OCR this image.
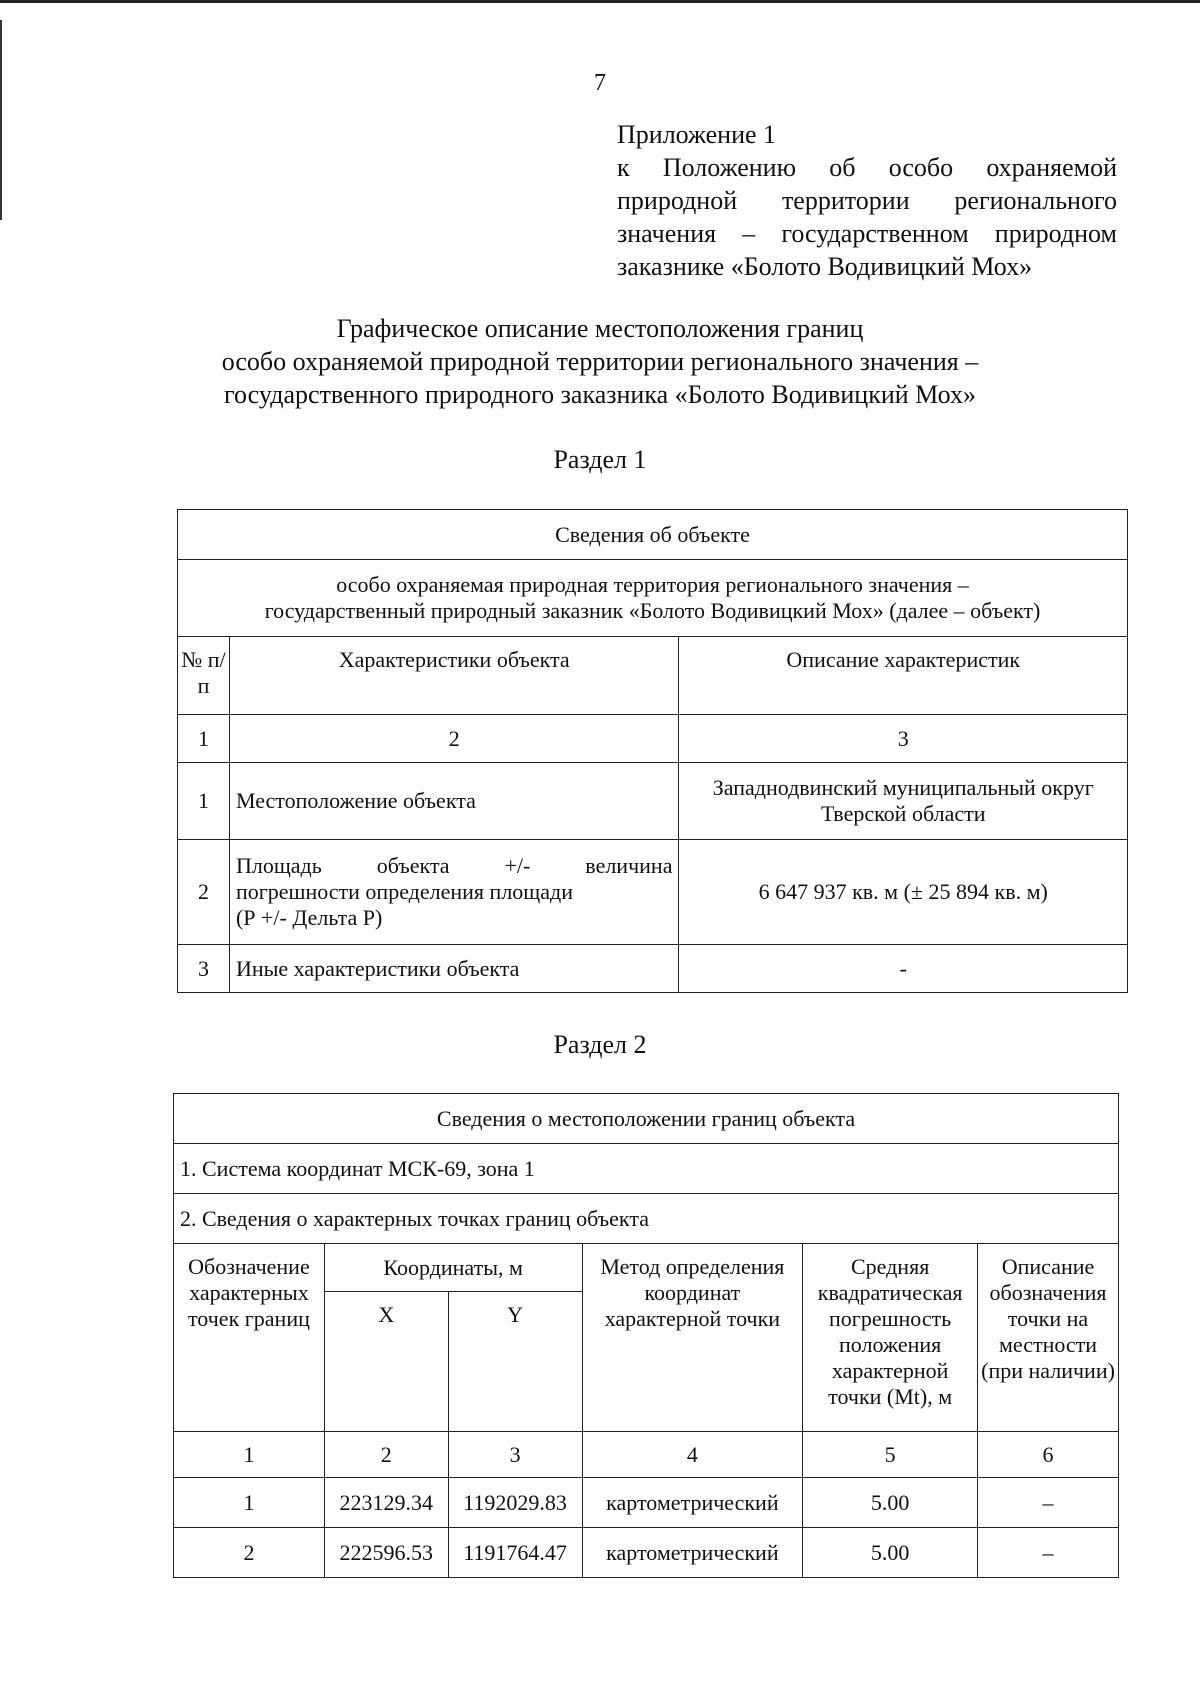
7
Приложение 1
к Положению об особо охраняемой
природной территории регионального
значения – государственном природном
заказнике «Болото Водивицкий Мох»
Графическое описание местоположения границ
особо охраняемой природной территории регионального значения –
государственного природного заказника «Болото Водивицкий Мох»
Раздел 1
Сведения об объекте		

особо охраняемая природная территория регионального значения –
государственный природный заказник «Болото Водивицкий Мох» (далее – объект)		

№ п/п	Характеристики объекта	Описание характеристик
1	2	3
1	Местоположение объекта	Западнодвинский муниципальный округ Тверской области
2	Площадь объекта +/- величина
погрешности определения площади
(Р +/- Дельта Р)	6 647 937 кв. м (± 25 894 кв. м)
3	Иные характеристики объекта	-
Раздел 2
Сведения о местоположении границ объекта					
1. Система координат МСК-69, зона 1					
2. Сведения о характерных точках границ объекта					
Обозначение характерных точек границ	Координаты, м		Метод определения координат характерной точки	Средняя квадратическая погрешность положения характерной точки (Mt), м	Описание обозначения точки на местности (при наличии)
	X	Y			
1	2	3	4	5	6
1	223129.34	1192029.83	картометрический	5.00	–
2	222596.53	1191764.47	картометрический	5.00	–
